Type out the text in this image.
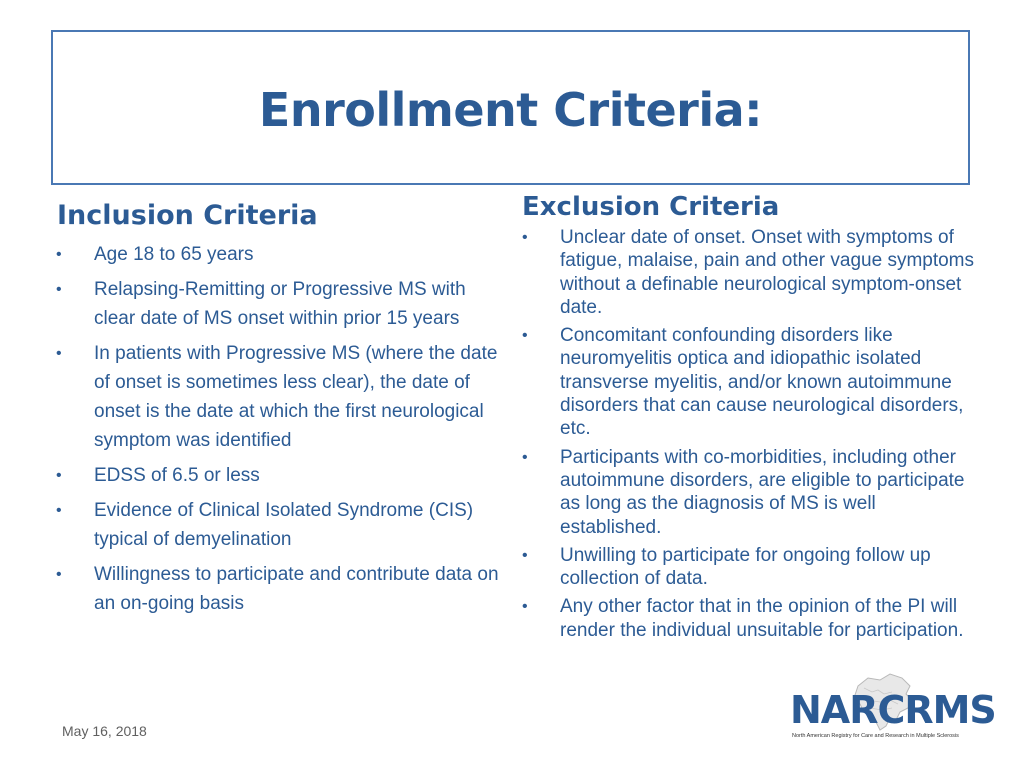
Enrollment Criteria:
Inclusion Criteria
• Age 18 to 65 years
• Relapsing-Remitting or Progressive MS with clear date of MS onset within prior 15 years
• In patients with Progressive MS (where the date of onset is sometimes less clear), the date of onset is the date at which the first neurological symptom was identified
• EDSS of 6.5 or less
• Evidence of Clinical Isolated Syndrome (CIS) typical of demyelination
• Willingness to participate and contribute data on an on-going basis
Exclusion Criteria
• Unclear date of onset. Onset with symptoms of fatigue, malaise, pain and other vague symptoms without a definable neurological symptom-onset date.
• Concomitant confounding disorders like neuromyelitis optica and idiopathic isolated transverse myelitis, and/or known autoimmune disorders that can cause neurological disorders, etc.
• Participants with co-morbidities, including other autoimmune disorders, are eligible to participate as long as the diagnosis of MS is well established.
• Unwilling to participate for ongoing follow up collection of data.
• Any other factor that in the opinion of the PI will render the individual unsuitable for participation.
May 16, 2018	NARCRMS
North American Registry for Care and Research in Multiple Sclerosis
